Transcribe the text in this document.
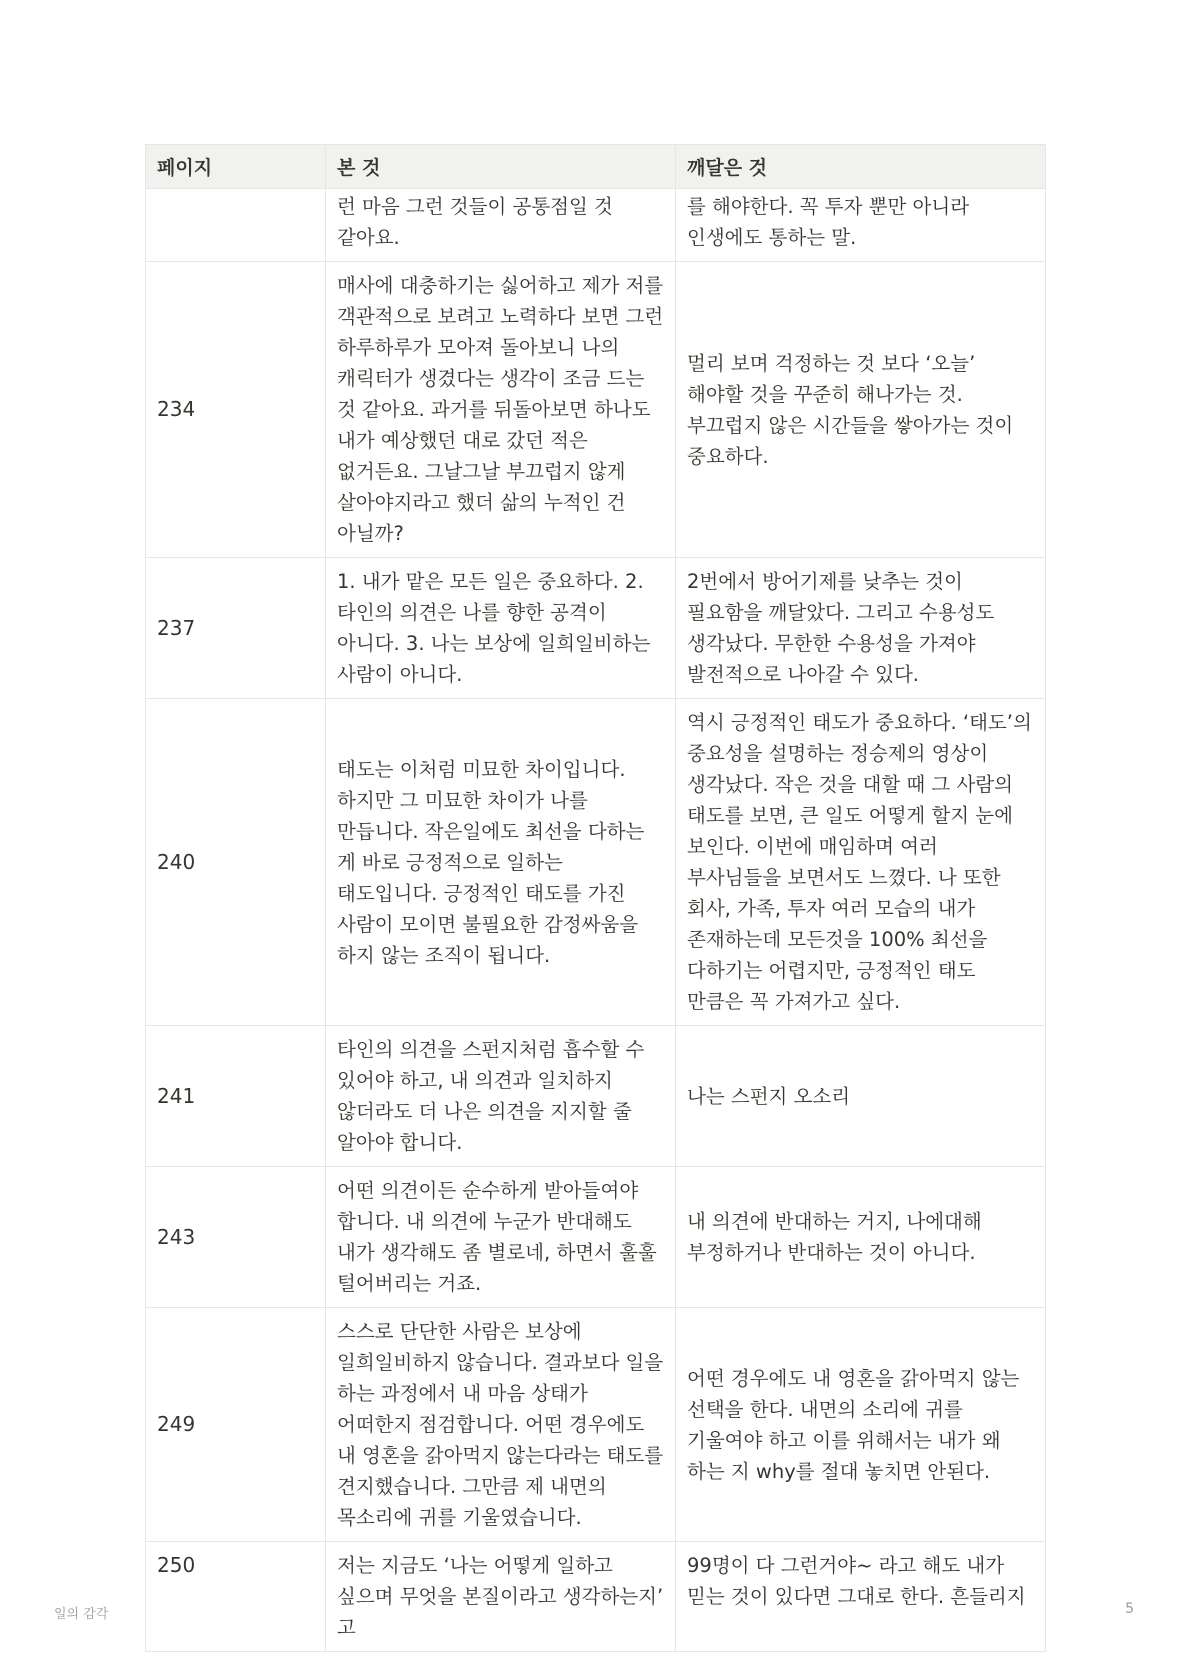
페이지	본 것	깨달은 것
	런 마음 그런 것들이 공통점일 것 같아요.	를 해야한다. 꼭 투자 뿐만 아니라 인생에도 통하는 말.
234	매사에 대충하기는 싫어하고 제가 저를 객관적으로 보려고 노력하다 보면 그런 하루하루가 모아져 돌아보니 나의 캐릭터가 생겼다는 생각이 조금 드는 것 같아요. 과거를 뒤돌아보면 하나도 내가 예상했던 대로 갔던 적은 없거든요. 그날그날 부끄럽지 않게 살아야지라고 했더 삶의 누적인 건 아닐까?	멀리 보며 걱정하는 것 보다 ‘오늘’ 해야할 것을 꾸준히 해나가는 것. 부끄럽지 않은 시간들을 쌓아가는 것이 중요하다.
237	1. 내가 맡은 모든 일은 중요하다. 2. 타인의 의견은 나를 향한 공격이 아니다. 3. 나는 보상에 일희일비하는 사람이 아니다.	2번에서 방어기제를 낮추는 것이 필요함을 깨달았다. 그리고 수용성도 생각났다. 무한한 수용성을 가져야 발전적으로 나아갈 수 있다.
240	태도는 이처럼 미묘한 차이입니다. 하지만 그 미묘한 차이가 나를 만듭니다. 작은일에도 최선을 다하는 게 바로 긍정적으로 일하는 태도입니다. 긍정적인 태도를 가진 사람이 모이면 불필요한 감정싸움을 하지 않는 조직이 됩니다.	역시 긍정적인 태도가 중요하다. ‘태도’의 중요성을 설명하는 정승제의 영상이 생각났다. 작은 것을 대할 때 그 사람의 태도를 보면, 큰 일도 어떻게 할지 눈에 보인다. 이번에 매임하며 여러 부사님들을 보면서도 느꼈다. 나 또한 회사, 가족, 투자 여러 모습의 내가 존재하는데 모든것을 100% 최선을 다하기는 어렵지만, 긍정적인 태도 만큼은 꼭 가져가고 싶다.
241	타인의 의견을 스펀지처럼 흡수할 수 있어야 하고, 내 의견과 일치하지 않더라도 더 나은 의견을 지지할 줄 알아야 합니다.	나는 스펀지 오소리
243	어떤 의견이든 순수하게 받아들여야 합니다. 내 의견에 누군가 반대해도 내가 생각해도 좀 별로네, 하면서 훌훌 털어버리는 거죠.	내 의견에 반대하는 거지, 나에대해 부정하거나 반대하는 것이 아니다.
249	스스로 단단한 사람은 보상에 일희일비하지 않습니다. 결과보다 일을 하는 과정에서 내 마음 상태가 어떠한지 점검합니다. 어떤 경우에도 내 영혼을 갉아먹지 않는다라는 태도를 견지했습니다. 그만큼 제 내면의 목소리에 귀를 기울였습니다.	어떤 경우에도 내 영혼을 갉아먹지 않는 선택을 한다. 내면의 소리에 귀를 기울여야 하고 이를 위해서는 내가 왜 하는 지 why를 절대 놓치면 안된다.
250	저는 지금도 ‘나는 어떻게 일하고 싶으며 무엇을 본질이라고 생각하는지’ 고	99명이 다 그런거야~ 라고 해도 내가 믿는 것이 있다면 그대로 한다. 흔들리지
일의 감각	5
